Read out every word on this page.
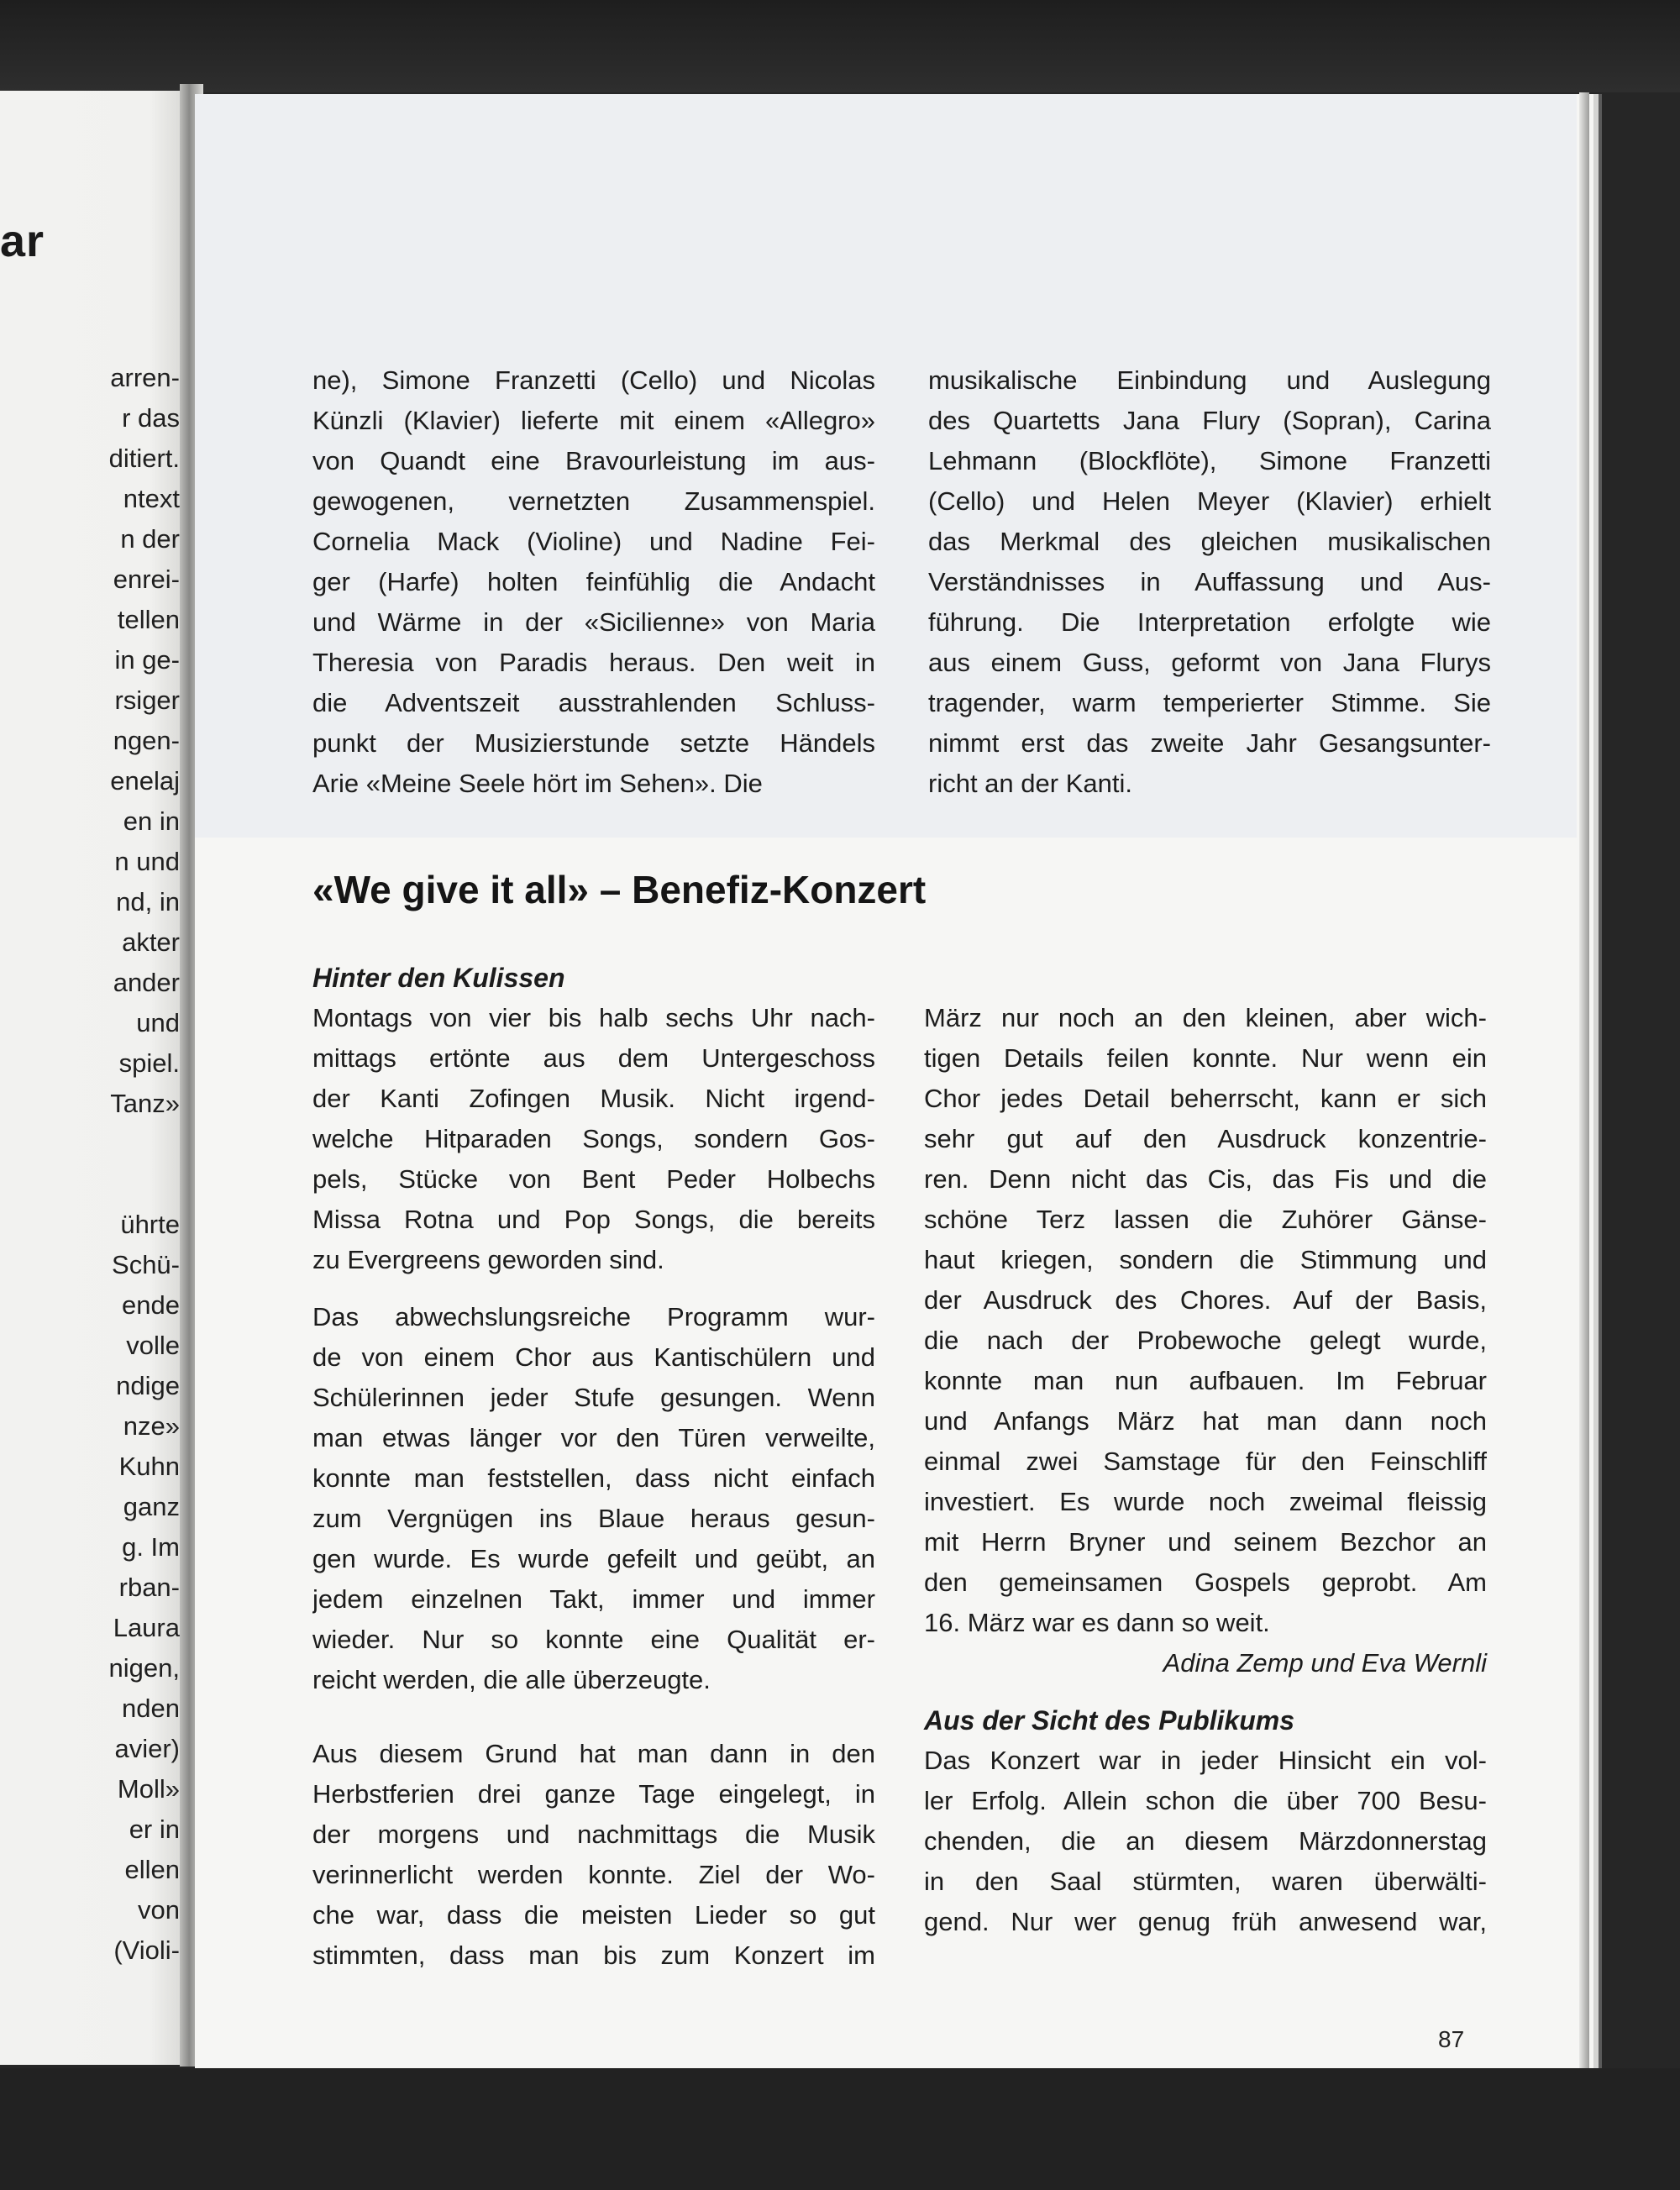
ar
arren-
r das
ditiert.
ntext
n der
enrei-
tellen
in ge-
rsiger
ngen-
enelaj
en in
n und
nd, in
akter
ander
und
spiel.
Tanz»
ührte
Schü-
ende
volle
ndige
nze»
Kuhn
ganz
g. Im
rban-
Laura
nigen,
nden
avier)
Moll»
er in
ellen
von
(Violi-
ne), Simone Franzetti (Cello) und Nicolas
Künzli (Klavier) lieferte mit einem «Allegro»
von Quandt eine Bravourleistung im aus-
gewogenen, vernetzten Zusammenspiel.
Cornelia Mack (Violine) und Nadine Fei-
ger (Harfe) holten feinfühlig die Andacht
und Wärme in der «Sicilienne» von Maria
Theresia von Paradis heraus. Den weit in
die Adventszeit ausstrahlenden Schluss-
punkt der Musizierstunde setzte Händels
Arie «Meine Seele hört im Sehen». Die
musikalische Einbindung und Auslegung
des Quartetts Jana Flury (Sopran), Carina
Lehmann (Blockflöte), Simone Franzetti
(Cello) und Helen Meyer (Klavier) erhielt
das Merkmal des gleichen musikalischen
Verständnisses in Auffassung und Aus-
führung. Die Interpretation erfolgte wie
aus einem Guss, geformt von Jana Flurys
tragender, warm temperierter Stimme. Sie
nimmt erst das zweite Jahr Gesangsunter-
richt an der Kanti.
«We give it all» – Benefiz-Konzert
Hinter den Kulissen
Montags von vier bis halb sechs Uhr nach-
mittags ertönte aus dem Untergeschoss
der Kanti Zofingen Musik. Nicht irgend-
welche Hitparaden Songs, sondern Gos-
pels, Stücke von Bent Peder Holbechs
Missa Rotna und Pop Songs, die bereits
zu Evergreens geworden sind.
Das abwechslungsreiche Programm wur-
de von einem Chor aus Kantischülern und
Schülerinnen jeder Stufe gesungen. Wenn
man etwas länger vor den Türen verweilte,
konnte man feststellen, dass nicht einfach
zum Vergnügen ins Blaue heraus gesun-
gen wurde. Es wurde gefeilt und geübt, an
jedem einzelnen Takt, immer und immer
wieder. Nur so konnte eine Qualität er-
reicht werden, die alle überzeugte.
Aus diesem Grund hat man dann in den
Herbstferien drei ganze Tage eingelegt, in
der morgens und nachmittags die Musik
verinnerlicht werden konnte. Ziel der Wo-
che war, dass die meisten Lieder so gut
stimmten, dass man bis zum Konzert im
März nur noch an den kleinen, aber wich-
tigen Details feilen konnte. Nur wenn ein
Chor jedes Detail beherrscht, kann er sich
sehr gut auf den Ausdruck konzentrie-
ren. Denn nicht das Cis, das Fis und die
schöne Terz lassen die Zuhörer Gänse-
haut kriegen, sondern die Stimmung und
der Ausdruck des Chores. Auf der Basis,
die nach der Probewoche gelegt wurde,
konnte man nun aufbauen. Im Februar
und Anfangs März hat man dann noch
einmal zwei Samstage für den Feinschliff
investiert. Es wurde noch zweimal fleissig
mit Herrn Bryner und seinem Bezchor an
den gemeinsamen Gospels geprobt. Am
16. März war es dann so weit.
Adina Zemp und Eva Wernli
Aus der Sicht des Publikums
Das Konzert war in jeder Hinsicht ein vol-
ler Erfolg. Allein schon die über 700 Besu-
chenden, die an diesem Märzdonnerstag
in den Saal stürmten, waren überwälti-
gend. Nur wer genug früh anwesend war,
87
